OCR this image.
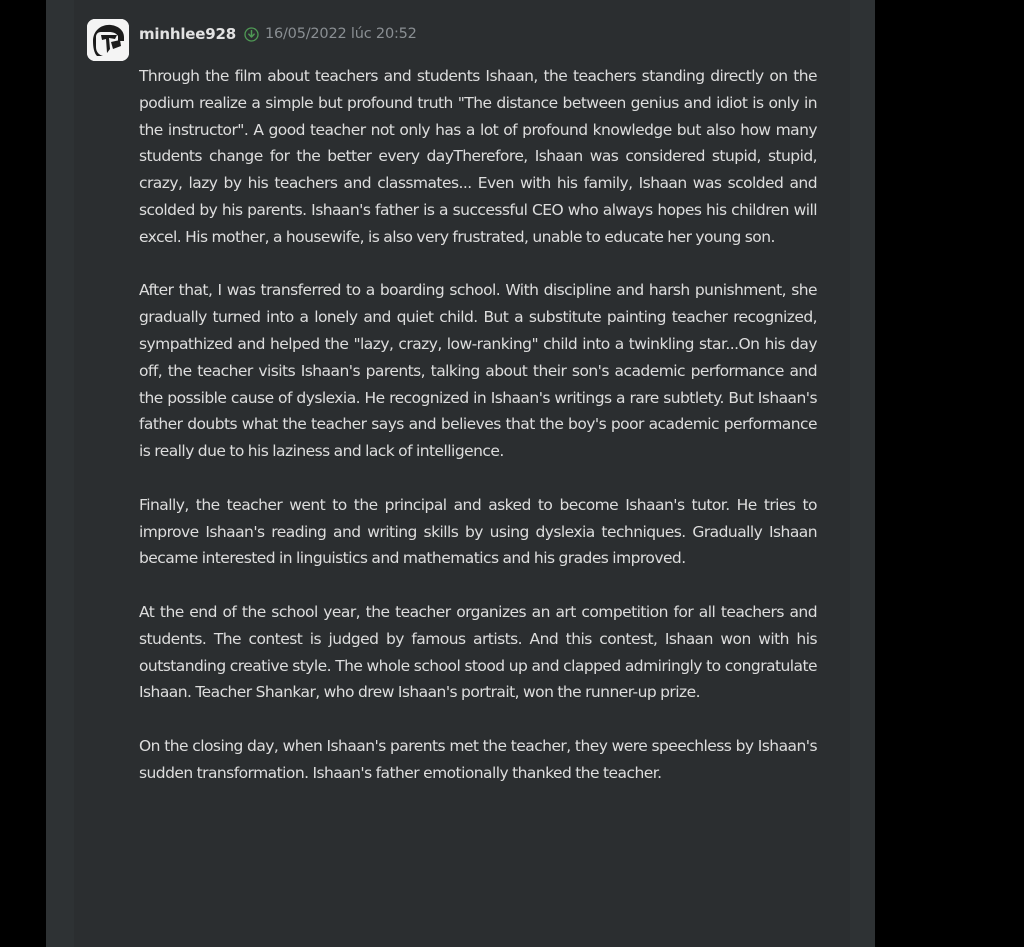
minhlee928 16/05/2022 lúc 20:52

Through the film about teachers and students Ishaan, the teachers standing directly on the podium realize a simple but profound truth "The distance between genius and idiot is only in the instructor". A good teacher not only has a lot of profound knowledge but also how many students change for the better every dayTherefore, Ishaan was considered stupid, stupid, crazy, lazy by his teachers and classmates... Even with his family, Ishaan was scolded and scolded by his parents. Ishaan's father is a successful CEO who always hopes his children will excel. His mother, a housewife, is also very frustrated, unable to educate her young son.

After that, I was transferred to a boarding school. With discipline and harsh punishment, she gradually turned into a lonely and quiet child. But a substitute painting teacher recognized, sympathized and helped the "lazy, crazy, low-ranking" child into a twinkling star...On his day off, the teacher visits Ishaan's parents, talking about their son's academic performance and the possible cause of dyslexia. He recognized in Ishaan's writings a rare subtlety. But Ishaan's father doubts what the teacher says and believes that the boy's poor academic performance is really due to his laziness and lack of intelligence.

Finally, the teacher went to the principal and asked to become Ishaan's tutor. He tries to improve Ishaan's reading and writing skills by using dyslexia techniques. Gradually Ishaan became interested in linguistics and mathematics and his grades improved.

At the end of the school year, the teacher organizes an art competition for all teachers and students. The contest is judged by famous artists. And this contest, Ishaan won with his outstanding creative style. The whole school stood up and clapped admiringly to congratulate Ishaan. Teacher Shankar, who drew Ishaan's portrait, won the runner-up prize.

On the closing day, when Ishaan's parents met the teacher, they were speechless by Ishaan's sudden transformation. Ishaan's father emotionally thanked the teacher.
